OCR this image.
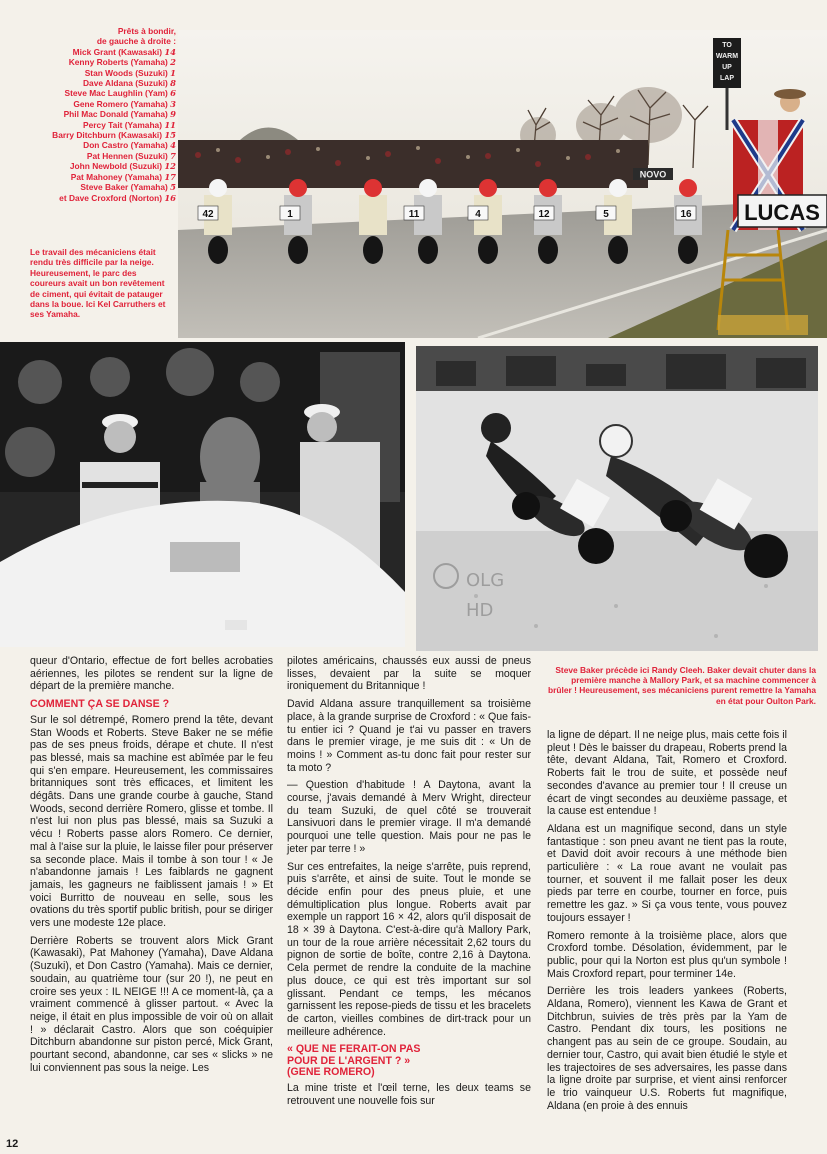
Prêts à bondir,
de gauche à droite :
Mick Grant (Kawasaki) 14
Kenny Roberts (Yamaha) 2
Stan Woods (Suzuki) 1
Dave Aldana (Suzuki) 8
Steve Mac Laughlin (Yam) 6
Gene Romero (Yamaha) 3
Phil Mac Donald (Yamaha) 9
Percy Tait (Yamaha) 11
Barry Ditchburn (Kawasaki) 15
Don Castro (Yamaha) 4
Pat Hennen (Suzuki) 7
John Newbold (Suzuki) 12
Pat Mahoney (Yamaha) 17
Steve Baker (Yamaha) 5
et Dave Croxford (Norton) 16
NOVO
42	1	11	4	12	5	16
TO
WARM
UP
LAP
LUCAS
Le travail des mécaniciens était rendu très difficile par la neige. Heureusement, le parc des coureurs avait un bon revêtement de ciment, qui évitait de patauger dans la boue. Ici Kel Carruthers et ses Yamaha.
OLG
HD
Steve Baker précède ici Randy Cleeh. Baker devait chuter dans la première manche à Mallory Park, et sa machine commencer à brûler ! Heureusement, ses mécaniciens purent remettre la Yamaha en état pour Oulton Park.

queur d'Ontario, effectue de fort belles acrobaties aériennes, les pilotes se rendent sur la ligne de départ de la première manche.

COMMENT ÇA SE DANSE ?

Sur le sol détrempé, Romero prend la tête, devant Stan Woods et Roberts. Steve Baker ne se méfie pas de ses pneus froids, dérape et chute. Il n'est pas blessé, mais sa machine est abîmée par le feu qui s'en empare. Heureusement, les commissaires britanniques sont très efficaces, et limitent les dégâts. Dans une grande courbe à gauche, Stand Woods, second derrière Romero, glisse et tombe. Il n'est lui non plus pas blessé, mais sa Suzuki a vécu ! Roberts passe alors Romero. Ce dernier, mal à l'aise sur la pluie, le laisse filer pour préserver sa seconde place. Mais il tombe à son tour ! « Je n'abandonne jamais ! Les faiblards ne gagnent jamais, les gagneurs ne faiblissent jamais ! » Et voici Burritto de nouveau en selle, sous les ovations du très sportif public british, pour se diriger vers une modeste 12e place.

Derrière Roberts se trouvent alors Mick Grant (Kawasaki), Pat Mahoney (Yamaha), Dave Aldana (Suzuki), et Don Castro (Yamaha). Mais ce dernier, soudain, au quatrième tour (sur 20 !), ne peut en croire ses yeux : IL NEIGE !!! A ce moment-là, ça a vraiment commencé à glisser partout. « Avec la neige, il était en plus impossible de voir où on allait ! » déclarait Castro. Alors que son coéquipier Ditchburn abandonne sur piston percé, Mick Grant, pourtant second, abandonne, car ses « slicks » ne lui conviennent pas sous la neige. Les

pilotes américains, chaussés eux aussi de pneus lisses, devaient par la suite se moquer ironiquement du Britannique !

David Aldana assure tranquillement sa troisième place, à la grande surprise de Croxford : « Que fais-tu entier ici ? Quand je t'ai vu passer en travers dans le premier virage, je me suis dit : « Un de moins ! » Comment as-tu donc fait pour rester sur ta moto ?

— Question d'habitude ! A Daytona, avant la course, j'avais demandé à Merv Wright, directeur du team Suzuki, de quel côté se trouverait Lansivuori dans le premier virage. Il m'a demandé pourquoi une telle question. Mais pour ne pas le jeter par terre ! »

Sur ces entrefaites, la neige s'arrête, puis reprend, puis s'arrête, et ainsi de suite. Tout le monde se décide enfin pour des pneus pluie, et une démultiplication plus longue. Roberts avait par exemple un rapport 16 × 42, alors qu'il disposait de 18 × 39 à Daytona. C'est-à-dire qu'à Mallory Park, un tour de la roue arrière nécessitait 2,62 tours du pignon de sortie de boîte, contre 2,16 à Daytona. Cela permet de rendre la conduite de la machine plus douce, ce qui est très important sur sol glissant. Pendant ce temps, les mécanos garnissent les repose-pieds de tissu et les bracelets de carton, vieilles combines de dirt-track pour un meilleure adhérence.

« QUE NE FERAIT-ON PAS
POUR DE L'ARGENT ? »
(GENE ROMERO)

La mine triste et l'œil terne, les deux teams se retrouvent une nouvelle fois sur

la ligne de départ. Il ne neige plus, mais cette fois il pleut ! Dès le baisser du drapeau, Roberts prend la tête, devant Aldana, Tait, Romero et Croxford. Roberts fait le trou de suite, et possède neuf secondes d'avance au premier tour ! Il creuse un écart de vingt secondes au deuxième passage, et la cause est entendue !

Aldana est un magnifique second, dans un style fantastique : son pneu avant ne tient pas la route, et David doit avoir recours à une méthode bien particulière : « La roue avant ne voulait pas tourner, et souvent il me fallait poser les deux pieds par terre en courbe, tourner en force, puis remettre les gaz. » Si ça vous tente, vous pouvez toujours essayer !

Romero remonte à la troisième place, alors que Croxford tombe. Désolation, évidemment, par le public, pour qui la Norton est plus qu'un symbole ! Mais Croxford repart, pour terminer 14e.

Derrière les trois leaders yankees (Roberts, Aldana, Romero), viennent les Kawa de Grant et Ditchbrun, suivies de très près par la Yam de Castro. Pendant dix tours, les positions ne changent pas au sein de ce groupe. Soudain, au dernier tour, Castro, qui avait bien étudié le style et les trajectoires de ses adversaires, les passe dans la ligne droite par surprise, et vient ainsi renforcer le trio vainqueur U.S. Roberts fut magnifique, Aldana (en proie à des ennuis

12
